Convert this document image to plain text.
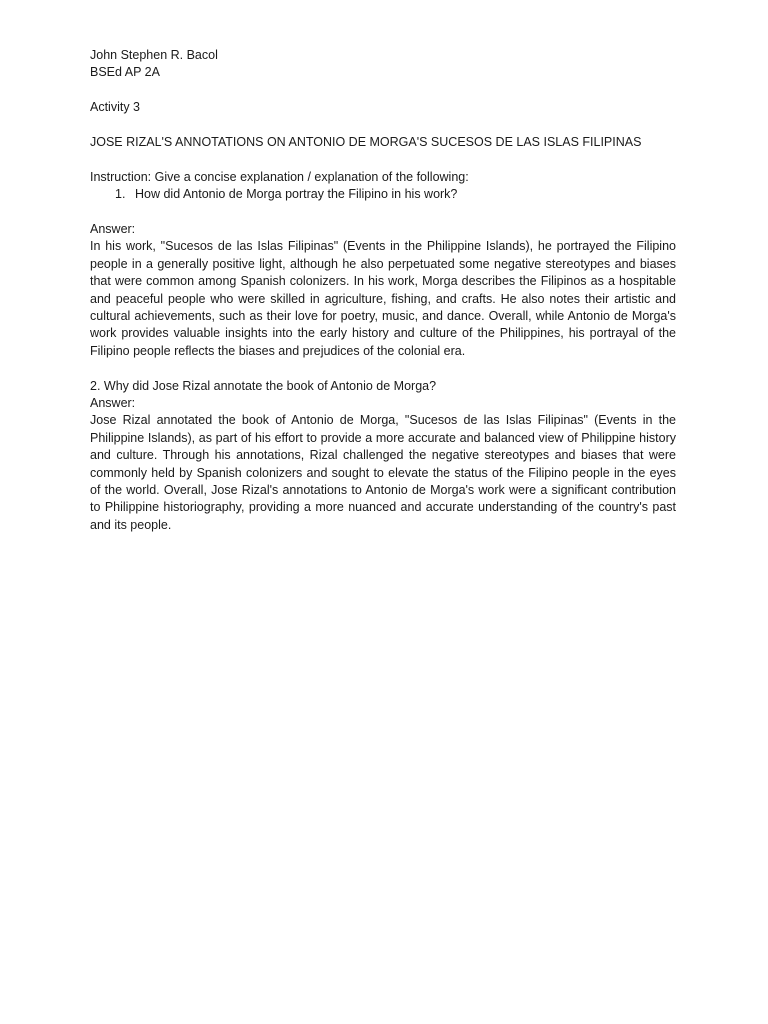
John Stephen R. Bacol

BSEd AP 2A

Activity 3

JOSE RIZAL'S ANNOTATIONS ON ANTONIO DE MORGA'S SUCESOS DE LAS ISLAS FILIPINAS

Instruction: Give a concise explanation / explanation of the following:

1. How did Antonio de Morga portray the Filipino in his work?

Answer:

In his work, "Sucesos de las Islas Filipinas" (Events in the Philippine Islands), he portrayed the Filipino people in a generally positive light, although he also perpetuated some negative stereotypes and biases that were common among Spanish colonizers. In his work, Morga describes the Filipinos as a hospitable and peaceful people who were skilled in agriculture, fishing, and crafts. He also notes their artistic and cultural achievements, such as their love for poetry, music, and dance. Overall, while Antonio de Morga's work provides valuable insights into the early history and culture of the Philippines, his portrayal of the Filipino people reflects the biases and prejudices of the colonial era.

2. Why did Jose Rizal annotate the book of Antonio de Morga?

Answer:

Jose Rizal annotated the book of Antonio de Morga, "Sucesos de las Islas Filipinas" (Events in the Philippine Islands), as part of his effort to provide a more accurate and balanced view of Philippine history and culture. Through his annotations, Rizal challenged the negative stereotypes and biases that were commonly held by Spanish colonizers and sought to elevate the status of the Filipino people in the eyes of the world. Overall, Jose Rizal's annotations to Antonio de Morga's work were a significant contribution to Philippine historiography, providing a more nuanced and accurate understanding of the country's past and its people.
